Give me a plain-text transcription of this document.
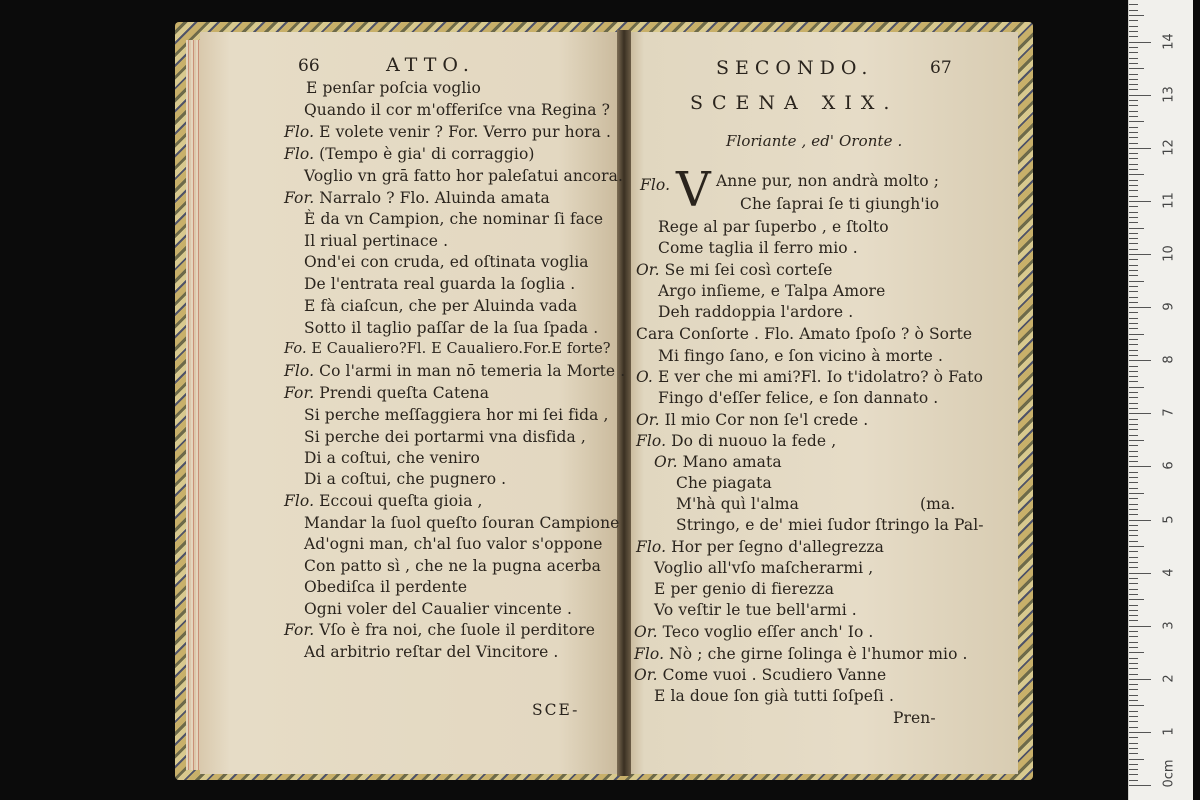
66	ATTO.
E penſar poſcia voglio
Quando il cor m'offeriſce vna Regina ?
Flo. E volete venir ? For. Verro pur hora .
Flo. (Tempo è gia' di corraggio)
Voglio vn grā fatto hor paleſatui ancora.
For. Narralo ? Flo. Aluinda amata
È da vn Campion, che nominar ſi face
Il riual pertinace .
Ond'ei con cruda, ed oſtinata voglia
De l'entrata real guarda la ſoglia .
E fà ciaſcun, che per Aluinda vada
Sotto il taglio paſſar de la ſua ſpada .
Fo. E Caualiero?Fl. E Caualiero.For.E forte?
Flo. Co l'armi in man nō temeria la Morte .
For. Prendi queſta Catena
Si perche meſſaggiera hor mi ſei fida ,
Si perche dei portarmi vna disfida ,
Di a coſtui, che veniro
Di a coſtui, che pugnero .
Flo. Eccoui queſta gioia ,
Mandar la ſuol queſto ſouran Campione
Ad'ogni man, ch'al ſuo valor s'oppone
Con patto sì , che ne la pugna acerba
Obediſca il perdente
Ogni voler del Caualier vincente .
For. Vſo è fra noi, che ſuole il perditore
Ad arbitrio reſtar del Vincitore .
SCE-
SECONDO.	67
SCENA XIX.
Floriante , ed' Oronte .
Flo. V Anne pur, non andrà molto ;
Che ſaprai ſe ti giungh'io
Rege al par ſuperbo , e ſtolto
Come taglia il ferro mio .
Or. Se mi ſei così corteſe
Argo inſieme, e Talpa Amore
Deh raddoppia l'ardore .
Cara Conſorte . Flo. Amato ſpoſo ? ò Sorte
Mi fingo ſano, e ſon vicino à morte .
O. E ver che mi ami?Fl. Io t'idolatro? ò Fato
Fingo d'eſſer felice, e ſon dannato .
Or. Il mio Cor non ſe'l crede .
Flo. Do di nuouo la fede ,
Or. Mano amata
Che piagata
M'hà quì l'alma	(ma.
Stringo, e de' miei ſudor ſtringo la Pal-
Flo. Hor per ſegno d'allegrezza
Voglio all'vſo maſcherarmi ,
E per genio di fierezza
Vo veſtir le tue bell'armi .
Or. Teco voglio eſſer anch' Io .
Flo. Nò ; che girne ſolinga è l'humor mio .
Or. Come vuoi . Scudiero Vanne
E la doue ſon già tutti ſoſpeſi .
Pren-
0cm
1
2
3
4
5
6
7
8
9
10
11
12
13
14
